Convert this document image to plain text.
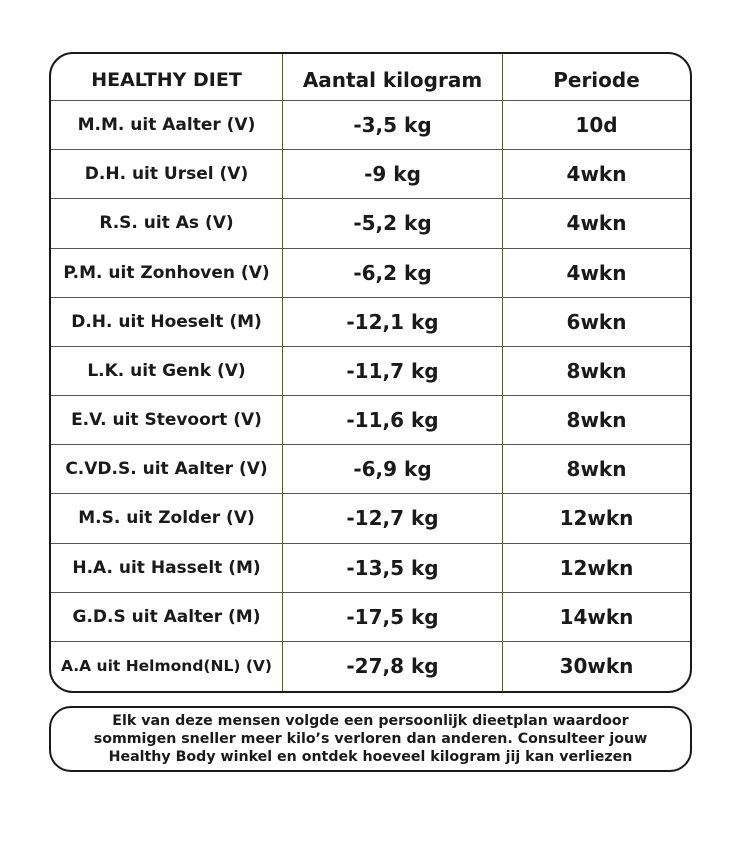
HEALTHY DIET	Aantal kilogram	Periode
M.M. uit Aalter (V)	-3,5 kg	10d
D.H. uit Ursel (V)	-9 kg	4wkn
R.S. uit As (V)	-5,2 kg	4wkn
P.M. uit Zonhoven (V)	-6,2 kg	4wkn
D.H. uit Hoeselt (M)	-12,1 kg	6wkn
L.K. uit Genk (V)	-11,7 kg	8wkn
E.V. uit Stevoort (V)	-11,6 kg	8wkn
C.VD.S. uit Aalter (V)	-6,9 kg	8wkn
M.S. uit Zolder (V)	-12,7 kg	12wkn
H.A. uit Hasselt (M)	-13,5 kg	12wkn
G.D.S uit Aalter (M)	-17,5 kg	14wkn
A.A uit Helmond(NL) (V)	-27,8 kg	30wkn
Elk van deze mensen volgde een persoonlijk dieetplan waardoor
sommigen sneller meer kilo’s verloren dan anderen. Consulteer jouw
Healthy Body winkel en ontdek hoeveel kilogram jij kan verliezen
